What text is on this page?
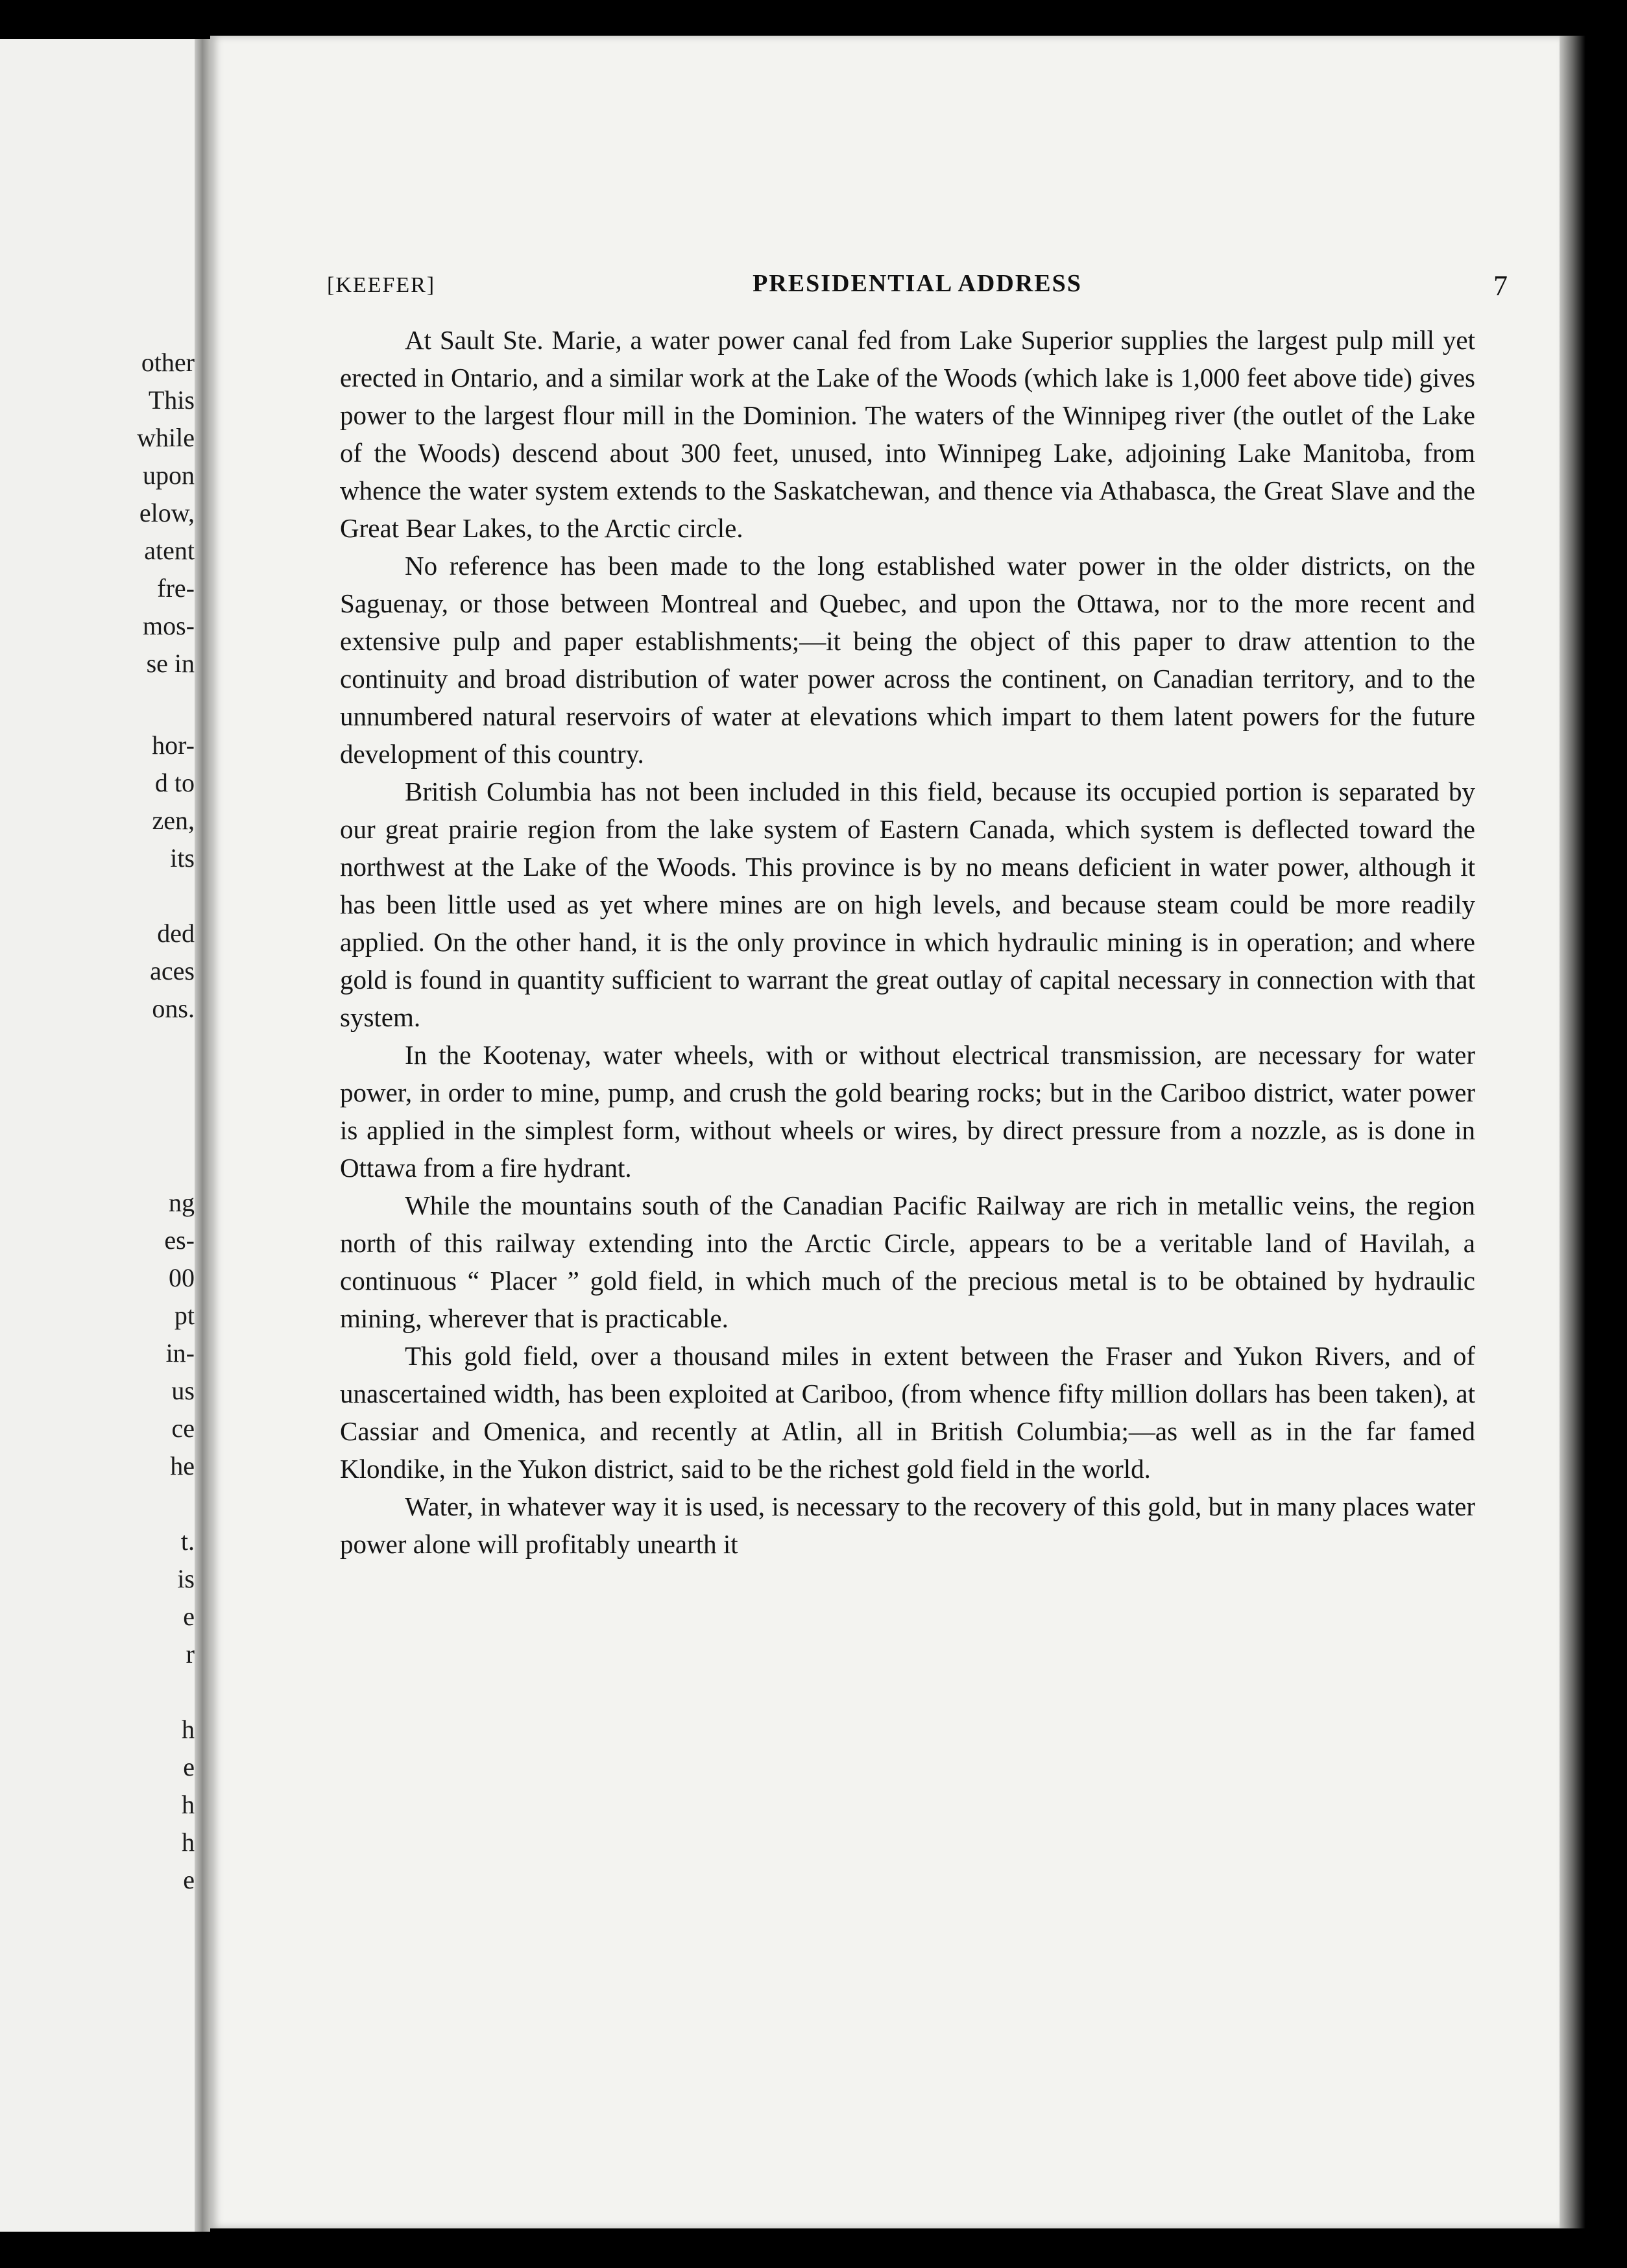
other
This
while
upon
elow,
atent
fre-
mos-
se in
hor-
d to
zen,
its
ded
aces
ons.
ng
es-
00
pt
in-
us
ce
he
t.
is
e
r
h
e
h
h
e
[KEEFER]	PRESIDENTIAL ADDRESS	7

At Sault Ste. Marie, a water power canal fed from Lake Superior supplies the largest pulp mill yet erected in Ontario, and a similar work at the Lake of the Woods (which lake is 1,000 feet above tide) gives power to the largest flour mill in the Dominion. The waters of the Winnipeg river (the outlet of the Lake of the Woods) descend about 300 feet, unused, into Winnipeg Lake, adjoining Lake Manitoba, from whence the water system extends to the Saskatchewan, and thence via Athabasca, the Great Slave and the Great Bear Lakes, to the Arctic circle.

No reference has been made to the long established water power in the older districts, on the Saguenay, or those between Montreal and Quebec, and upon the Ottawa, nor to the more recent and extensive pulp and paper establishments;—it being the object of this paper to draw attention to the continuity and broad distribution of water power across the continent, on Canadian territory, and to the unnumbered natural reservoirs of water at elevations which impart to them latent powers for the future development of this country.

British Columbia has not been included in this field, because its occupied portion is separated by our great prairie region from the lake system of Eastern Canada, which system is deflected toward the northwest at the Lake of the Woods. This province is by no means deficient in water power, although it has been little used as yet where mines are on high levels, and because steam could be more readily applied. On the other hand, it is the only province in which hydraulic mining is in operation; and where gold is found in quantity sufficient to warrant the great outlay of capital necessary in connection with that system.

In the Kootenay, water wheels, with or without electrical transmission, are necessary for water power, in order to mine, pump, and crush the gold bearing rocks; but in the Cariboo district, water power is applied in the simplest form, without wheels or wires, by direct pressure from a nozzle, as is done in Ottawa from a fire hydrant.

While the mountains south of the Canadian Pacific Railway are rich in metallic veins, the region north of this railway extending into the Arctic Circle, appears to be a veritable land of Havilah, a continuous “ Placer ” gold field, in which much of the precious metal is to be obtained by hydraulic mining, wherever that is practicable.

This gold field, over a thousand miles in extent between the Fraser and Yukon Rivers, and of unascertained width, has been exploited at Cariboo, (from whence fifty million dollars has been taken), at Cassiar and Omenica, and recently at Atlin, all in British Columbia;—as well as in the far famed Klondike, in the Yukon district, said to be the richest gold field in the world.

Water, in whatever way it is used, is necessary to the recovery of this gold, but in many places water power alone will profitably unearth it
